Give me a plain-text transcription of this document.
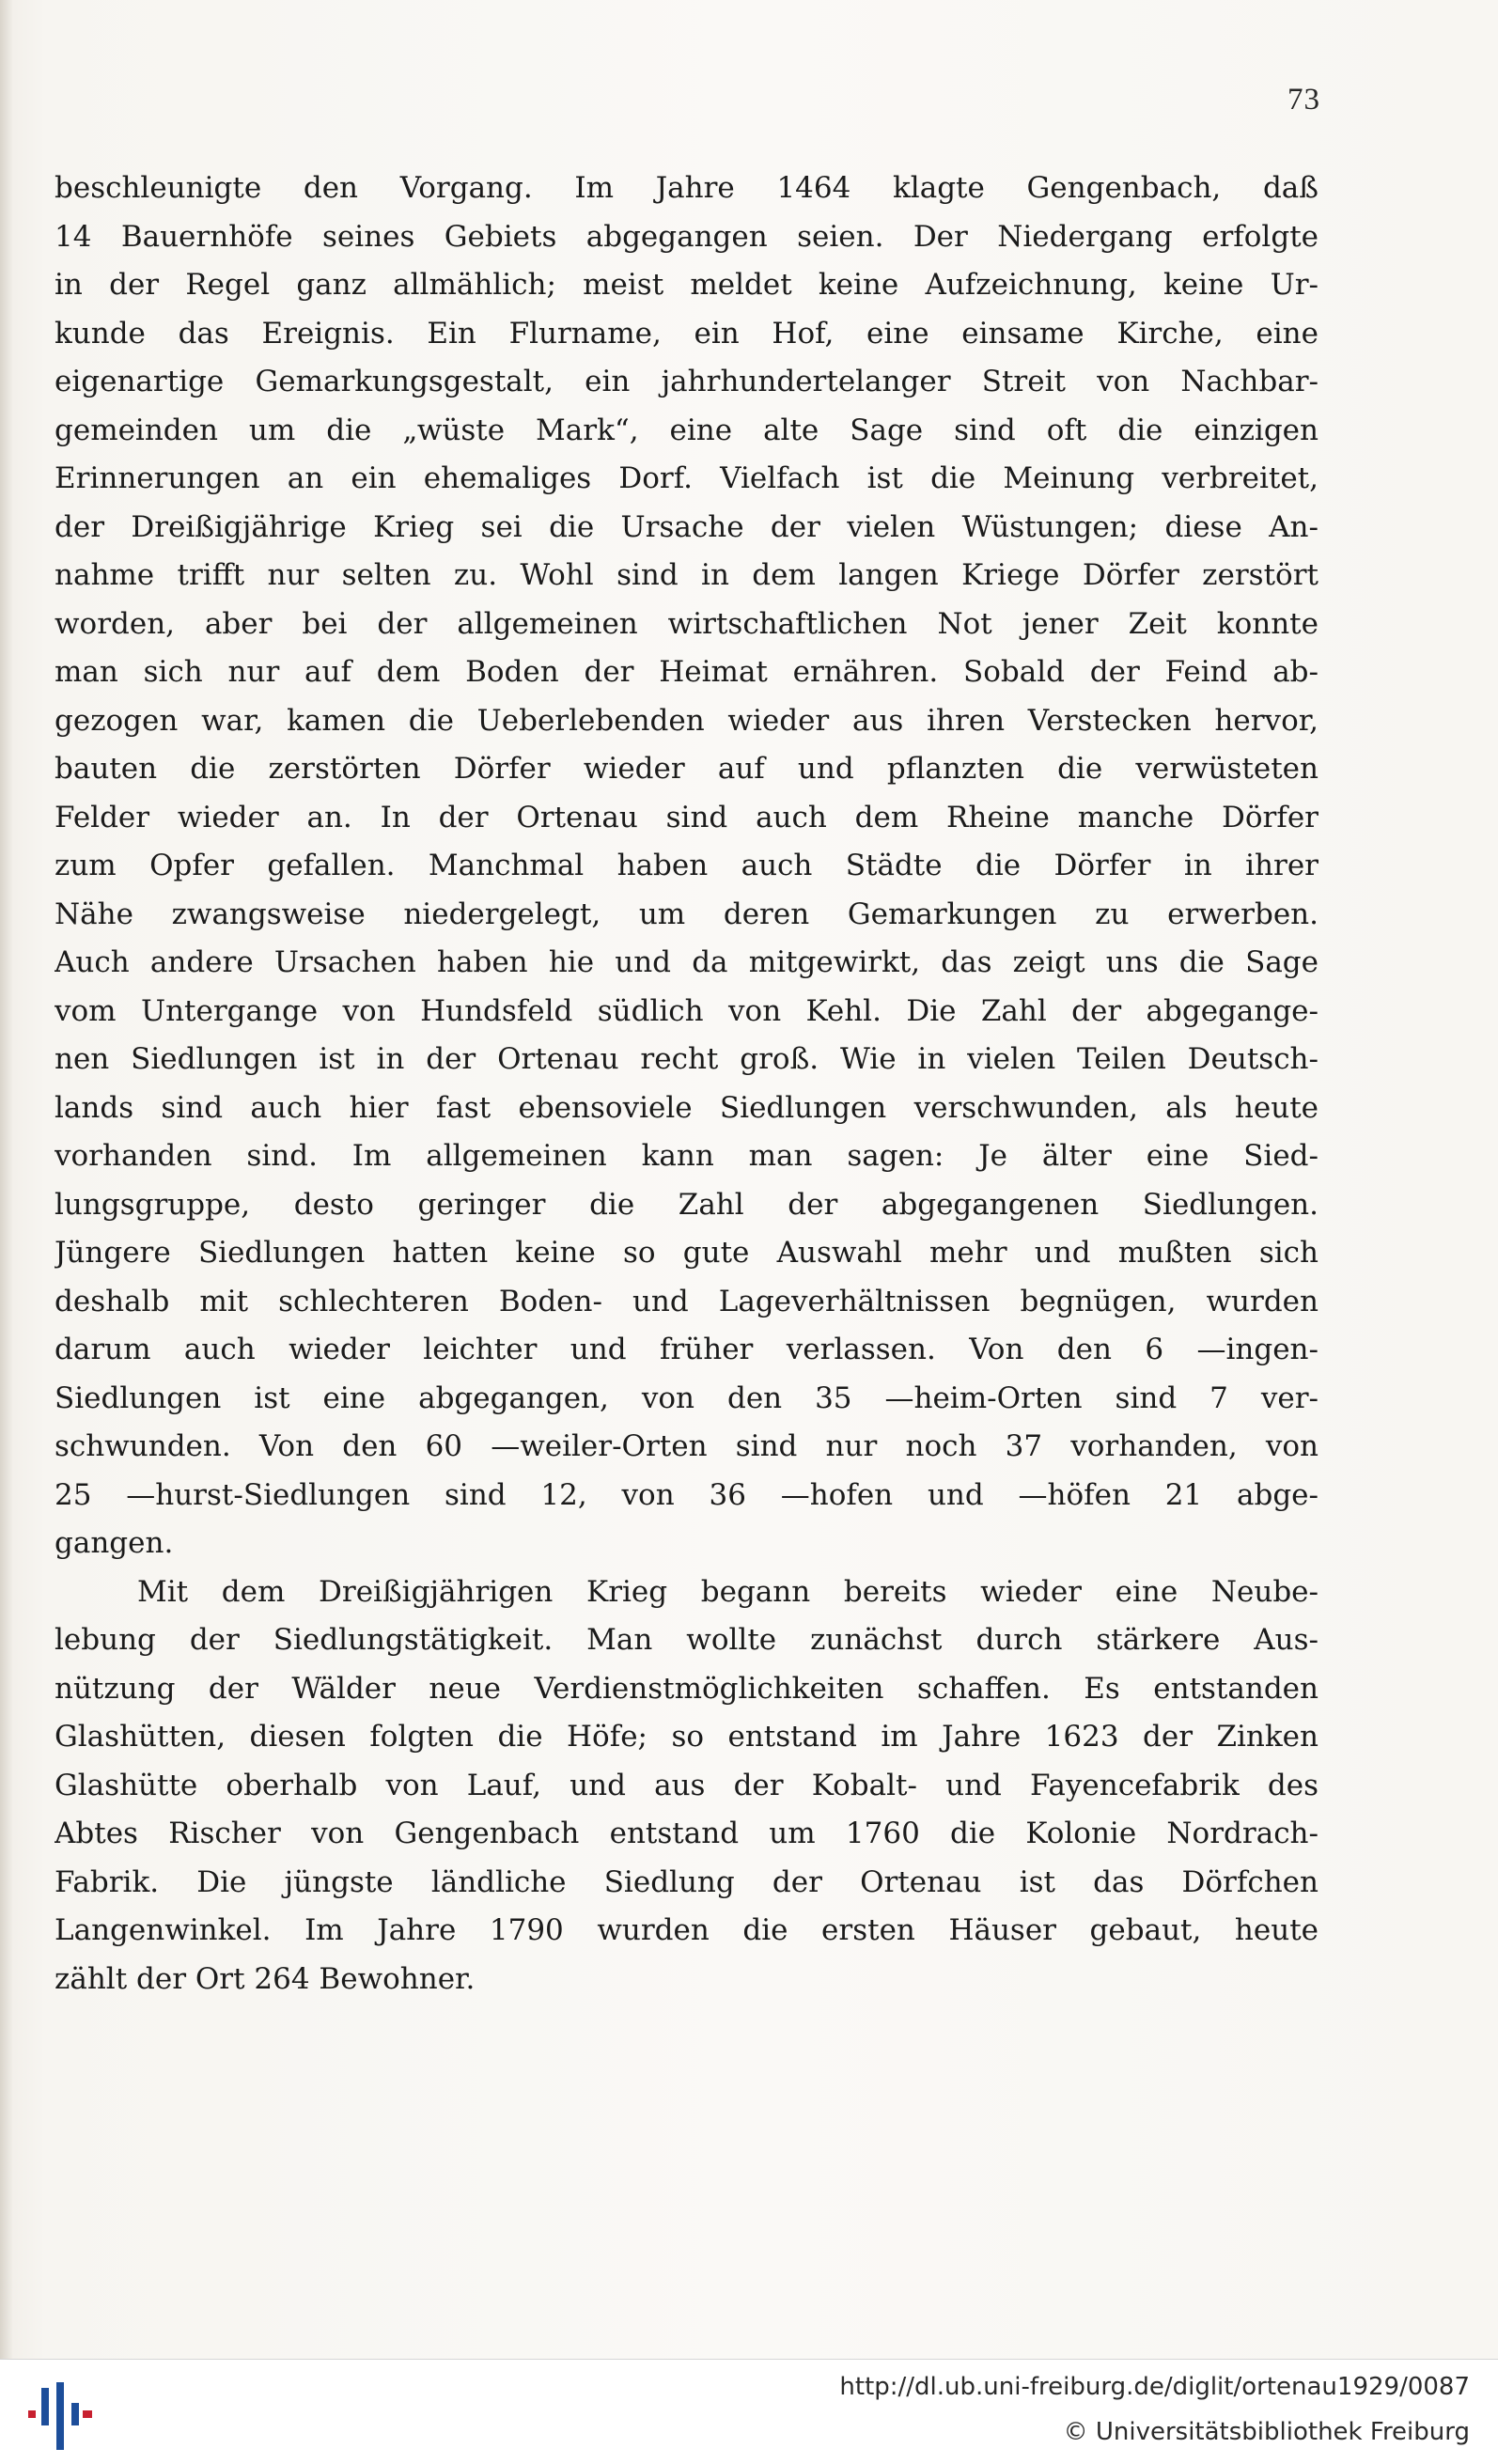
73
beschleunigte den Vorgang. Im Jahre 1464 klagte Gengenbach, daß
14 Bauernhöfe seines Gebiets abgegangen seien. Der Niedergang erfolgte
in der Regel ganz allmählich; meist meldet keine Aufzeichnung, keine Ur-
kunde das Ereignis. Ein Flurname, ein Hof, eine einsame Kirche, eine
eigenartige Gemarkungsgestalt, ein jahrhundertelanger Streit von Nachbar-
gemeinden um die „wüste Mark“, eine alte Sage sind oft die einzigen
Erinnerungen an ein ehemaliges Dorf. Vielfach ist die Meinung verbreitet,
der Dreißigjährige Krieg sei die Ursache der vielen Wüstungen; diese An-
nahme trifft nur selten zu. Wohl sind in dem langen Kriege Dörfer zerstört
worden, aber bei der allgemeinen wirtschaftlichen Not jener Zeit konnte
man sich nur auf dem Boden der Heimat ernähren. Sobald der Feind ab-
gezogen war, kamen die Ueberlebenden wieder aus ihren Verstecken hervor,
bauten die zerstörten Dörfer wieder auf und pflanzten die verwüsteten
Felder wieder an. In der Ortenau sind auch dem Rheine manche Dörfer
zum Opfer gefallen. Manchmal haben auch Städte die Dörfer in ihrer
Nähe zwangsweise niedergelegt, um deren Gemarkungen zu erwerben.
Auch andere Ursachen haben hie und da mitgewirkt, das zeigt uns die Sage
vom Untergange von Hundsfeld südlich von Kehl. Die Zahl der abgegange-
nen Siedlungen ist in der Ortenau recht groß. Wie in vielen Teilen Deutsch-
lands sind auch hier fast ebensoviele Siedlungen verschwunden, als heute
vorhanden sind. Im allgemeinen kann man sagen: Je älter eine Sied-
lungsgruppe, desto geringer die Zahl der abgegangenen Siedlungen.
Jüngere Siedlungen hatten keine so gute Auswahl mehr und mußten sich
deshalb mit schlechteren Boden- und Lageverhältnissen begnügen, wurden
darum auch wieder leichter und früher verlassen. Von den 6 —ingen-
Siedlungen ist eine abgegangen, von den 35 —heim-Orten sind 7 ver-
schwunden. Von den 60 —weiler-Orten sind nur noch 37 vorhanden, von
25 —hurst-Siedlungen sind 12, von 36 —hofen und —höfen 21 abge-
gangen.
Mit dem Dreißigjährigen Krieg begann bereits wieder eine Neube-
lebung der Siedlungstätigkeit. Man wollte zunächst durch stärkere Aus-
nützung der Wälder neue Verdienstmöglichkeiten schaffen. Es entstanden
Glashütten, diesen folgten die Höfe; so entstand im Jahre 1623 der Zinken
Glashütte oberhalb von Lauf, und aus der Kobalt- und Fayencefabrik des
Abtes Rischer von Gengenbach entstand um 1760 die Kolonie Nordrach-
Fabrik. Die jüngste ländliche Siedlung der Ortenau ist das Dörfchen
Langenwinkel. Im Jahre 1790 wurden die ersten Häuser gebaut, heute
zählt der Ort 264 Bewohner.
http://dl.ub.uni-freiburg.de/diglit/ortenau1929/0087
© Universitätsbibliothek Freiburg
